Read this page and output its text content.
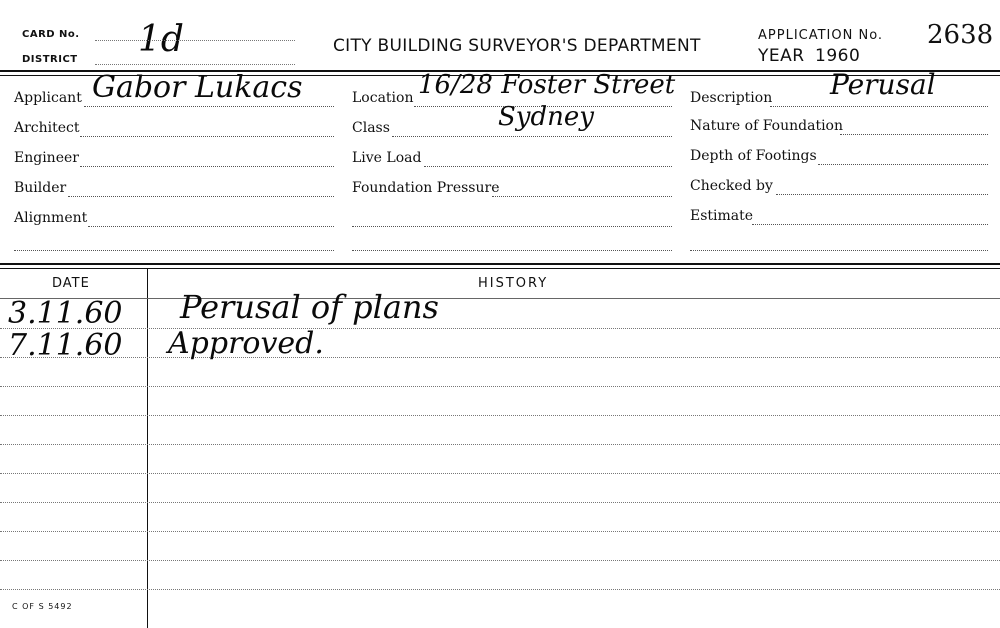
CARD No.
DISTRICT 1d	CITY BUILDING SURVEYOR'S DEPARTMENT
APPLICATION No. 2638
YEAR 1960
Applicant Gabor Lukacs
Architect
Engineer
Builder
Alignment
Location 16/28 Foster Street
Sydney
Class
Live Load
Foundation Pressure
Description Perusal
Nature of Foundation
Depth of Footings
Checked by
Estimate
DATE	HISTORY
3.11.60 Perusal of plans
7.11.60 Approved.
C OF S 5492
